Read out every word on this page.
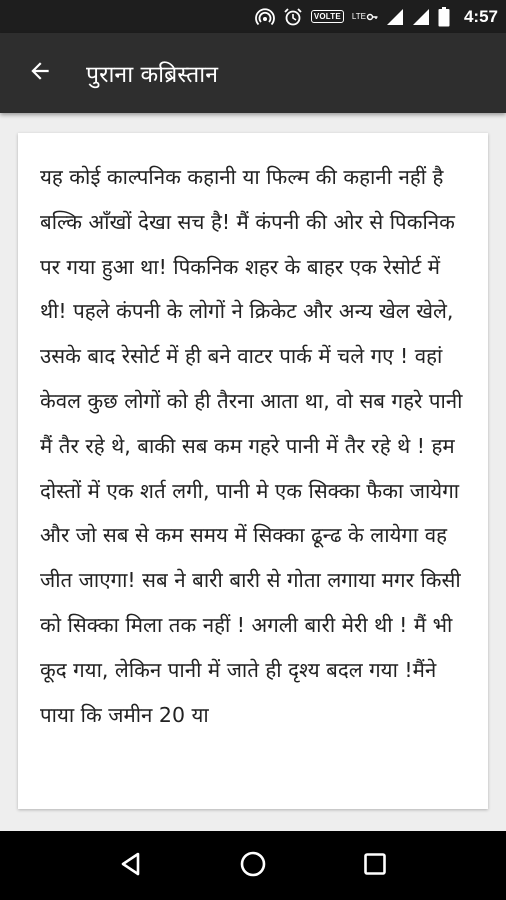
VOLTE	LTE	4:57
पुराना कब्रिस्तान

यह कोई काल्पनिक कहानी या फिल्म की कहानी नहीं है बल्कि आँखों देखा सच है! मैं कंपनी की ओर से पिकनिक पर गया हुआ था! पिकनिक शहर के बाहर एक रेसोर्ट में थी! पहले कंपनी के लोगों ने क्रिकेट और अन्य खेल खेले, उसके बाद रेसोर्ट में ही बने वाटर पार्क में चले गए ! वहां केवल कुछ लोगों को ही तैरना आता था, वो सब गहरे पानी मैं तैर रहे थे, बाकी सब कम गहरे पानी में तैर रहे थे ! हम दोस्तों में एक शर्त लगी, पानी मे एक सिक्का फैका जायेगा और जो सब से कम समय में सिक्का ढून्ढ के लायेगा वह जीत जाएगा! सब ने बारी बारी से गोता लगाया मगर किसी को सिक्का मिला तक नहीं ! अगली बारी मेरी थी ! मैं भी कूद गया, लेकिन पानी में जाते ही दृश्य बदल गया !मैंने पाया कि जमीन 20 या
